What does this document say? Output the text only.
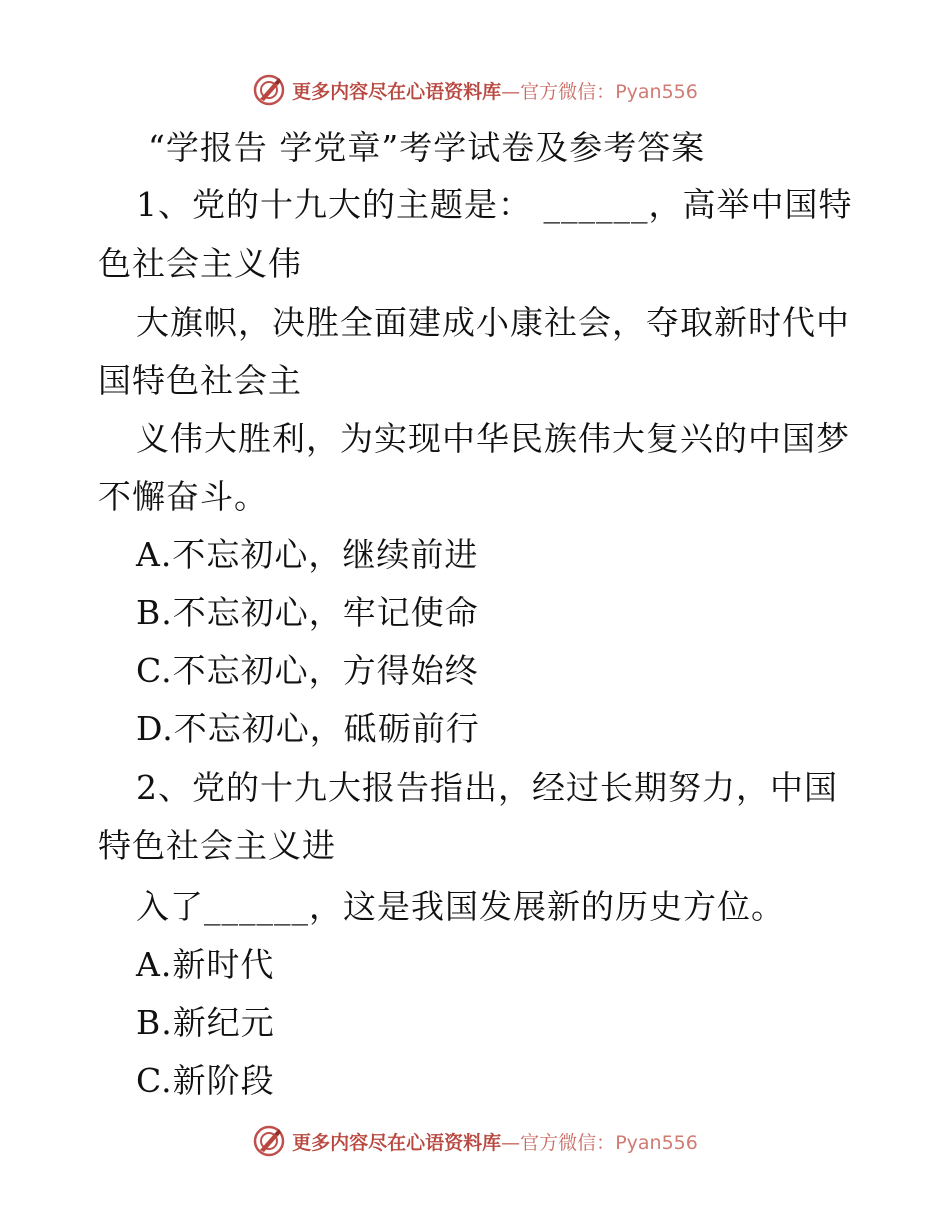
更多内容尽在心语资料库—官方微信：Pyan556
“学报告 学党章”考学试卷及参考答案
1、党的十九大的主题是： ______，高举中国特
色社会主义伟
大旗帜，决胜全面建成小康社会，夺取新时代中
国特色社会主
义伟大胜利，为实现中华民族伟大复兴的中国梦
不懈奋斗。
A.不忘初心，继续前进
B.不忘初心，牢记使命
C.不忘初心，方得始终
D.不忘初心，砥砺前行
2、党的十九大报告指出，经过长期努力，中国
特色社会主义进
入了______，这是我国发展新的历史方位。
A.新时代
B.新纪元
C.新阶段
更多内容尽在心语资料库—官方微信：Pyan556
